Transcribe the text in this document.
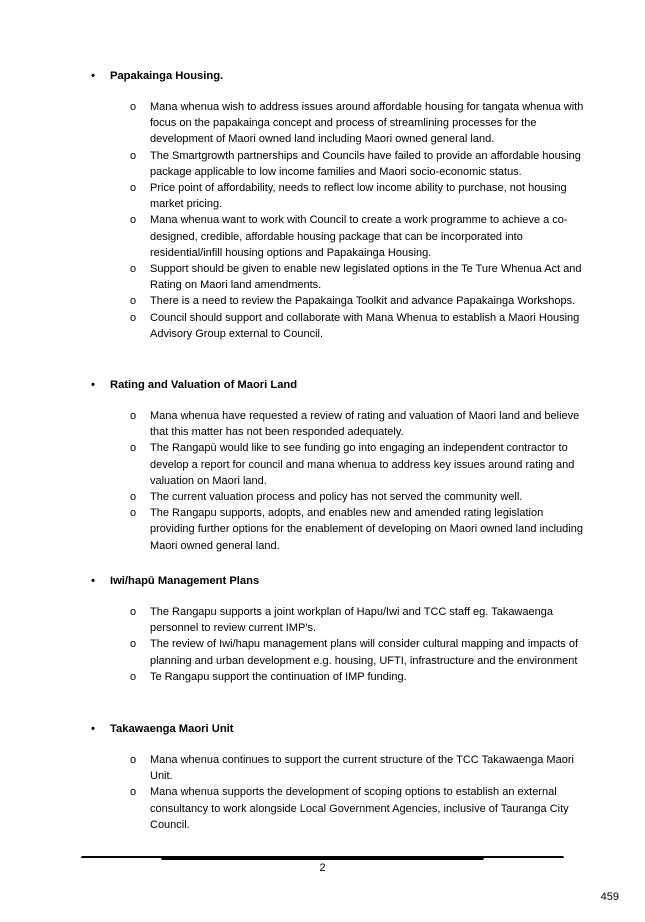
• Papakainga Housing.
o Mana whenua wish to address issues around affordable housing for tangata whenua with focus on the papakainga concept and process of streamlining processes for the development of Maori owned land including Maori owned general land.
o The Smartgrowth partnerships and Councils have failed to provide an affordable housing package applicable to low income families and Maori socio-economic status.
o Price point of affordability, needs to reflect low income ability to purchase, not housing market pricing.
o Mana whenua want to work with Council to create a work programme to achieve a co-designed, credible, affordable housing package that can be incorporated into residential/infill housing options and Papakainga Housing.
o Support should be given to enable new legislated options in the Te Ture Whenua Act and Rating on Maori land amendments.
o There is a need to review the Papakainga Toolkit and advance Papakainga Workshops.
o Council should support and collaborate with Mana Whenua to establish a Maori Housing Advisory Group external to Council.
• Rating and Valuation of Maori Land
o Mana whenua have requested a review of rating and valuation of Maori land and believe that this matter has not been responded adequately.
o The Rangapū would like to see funding go into engaging an independent contractor to develop a report for council and mana whenua to address key issues around rating and valuation on Maori land.
o The current valuation process and policy has not served the community well.
o The Rangapu supports, adopts, and enables new and amended rating legislation providing further options for the enablement of developing on Maori owned land including Maori owned general land.
• Iwi/hapū Management Plans
o The Rangapu supports a joint workplan of Hapu/Iwi and TCC staff eg. Takawaenga personnel to review current IMP’s.
o The review of Iwi/hapu management plans will consider cultural mapping and impacts of planning and urban development e.g. housing, UFTI, infrastructure and the environment
o Te Rangapu support the continuation of IMP funding.
• Takawaenga Maori Unit
o Mana whenua continues to support the current structure of the TCC Takawaenga Maori Unit.
o Mana whenua supports the development of scoping options to establish an external consultancy to work alongside Local Government Agencies, inclusive of Tauranga City Council.
2
459
